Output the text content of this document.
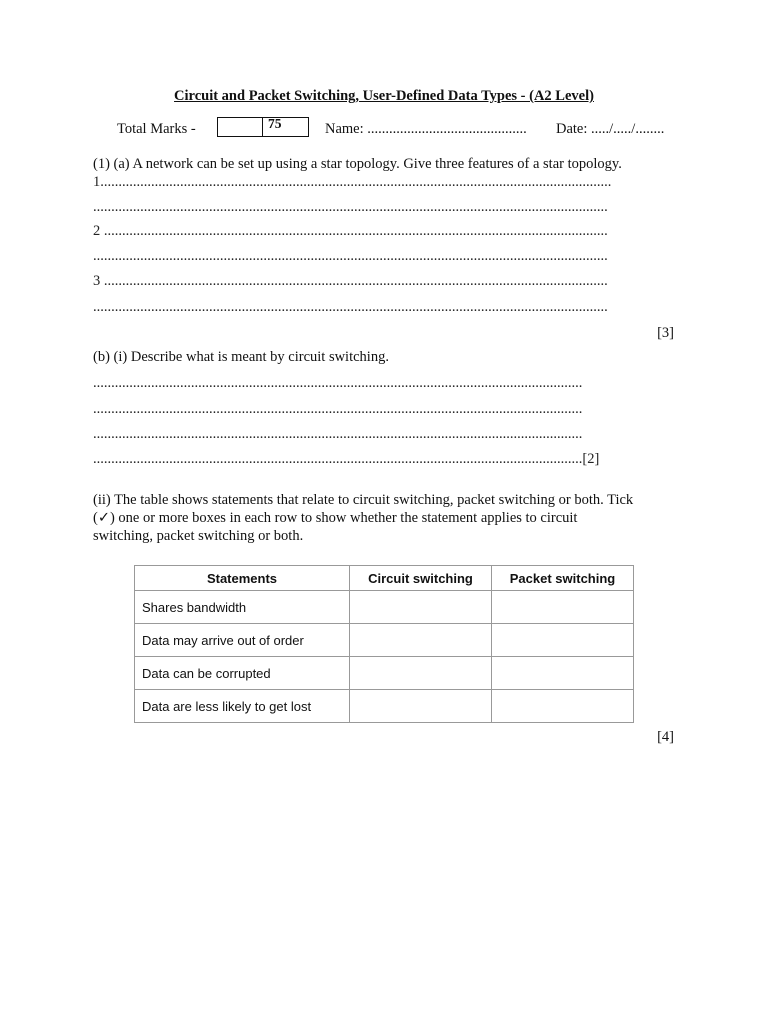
Circuit and Packet Switching, User-Defined Data Types - (A2 Level)
Total Marks -	75	Name: ............................................ Date: ...../...../........
(1) (a) A network can be set up using a star topology. Give three features of a star topology.
1.............................................................................................................................................
..............................................................................................................................................
2 ...........................................................................................................................................
..............................................................................................................................................
3 ...........................................................................................................................................
..............................................................................................................................................
[3]
(b) (i) Describe what is meant by circuit switching.
.......................................................................................................................................
.......................................................................................................................................
.......................................................................................................................................
.......................................................................................................................................[2]
(ii) The table shows statements that relate to circuit switching, packet switching or both. Tick
(✓) one or more boxes in each row to show whether the statement applies to circuit
switching, packet switching or both.
Statements	Circuit switching	Packet switching
Shares bandwidth		
Data may arrive out of order		
Data can be corrupted		
Data are less likely to get lost		
[4]
